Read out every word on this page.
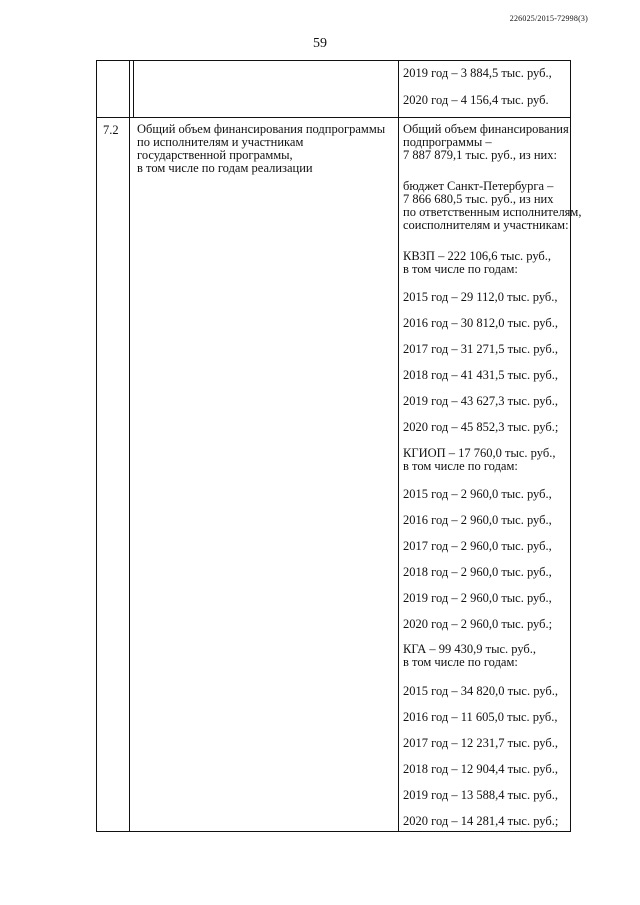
226025/2015-72998(3)
59
7.2 Общий объем финансирования подпрограммы
по исполнителям и участникам
государственной программы,
в том числе по годам реализации
2019 год – 3 884,5 тыс. руб.,
2020 год – 4 156,4 тыс. руб.
Общий объем финансирования
подпрограммы –
7 887 879,1 тыс. руб., из них:
бюджет Санкт-Петербурга –
7 866 680,5 тыс. руб., из них
по ответственным исполнителям,
соисполнителям и участникам:
КВЗП – 222 106,6 тыс. руб.,
в том числе по годам:
2015 год – 29 112,0 тыс. руб.,
2016 год – 30 812,0 тыс. руб.,
2017 год – 31 271,5 тыс. руб.,
2018 год – 41 431,5 тыс. руб.,
2019 год – 43 627,3 тыс. руб.,
2020 год – 45 852,3 тыс. руб.;
КГИОП – 17 760,0 тыс. руб.,
в том числе по годам:
2015 год – 2 960,0 тыс. руб.,
2016 год – 2 960,0 тыс. руб.,
2017 год – 2 960,0 тыс. руб.,
2018 год – 2 960,0 тыс. руб.,
2019 год – 2 960,0 тыс. руб.,
2020 год – 2 960,0 тыс. руб.;
КГА – 99 430,9 тыс. руб.,
в том числе по годам:
2015 год – 34 820,0 тыс. руб.,
2016 год – 11 605,0 тыс. руб.,
2017 год – 12 231,7 тыс. руб.,
2018 год – 12 904,4 тыс. руб.,
2019 год – 13 588,4 тыс. руб.,
2020 год – 14 281,4 тыс. руб.;
